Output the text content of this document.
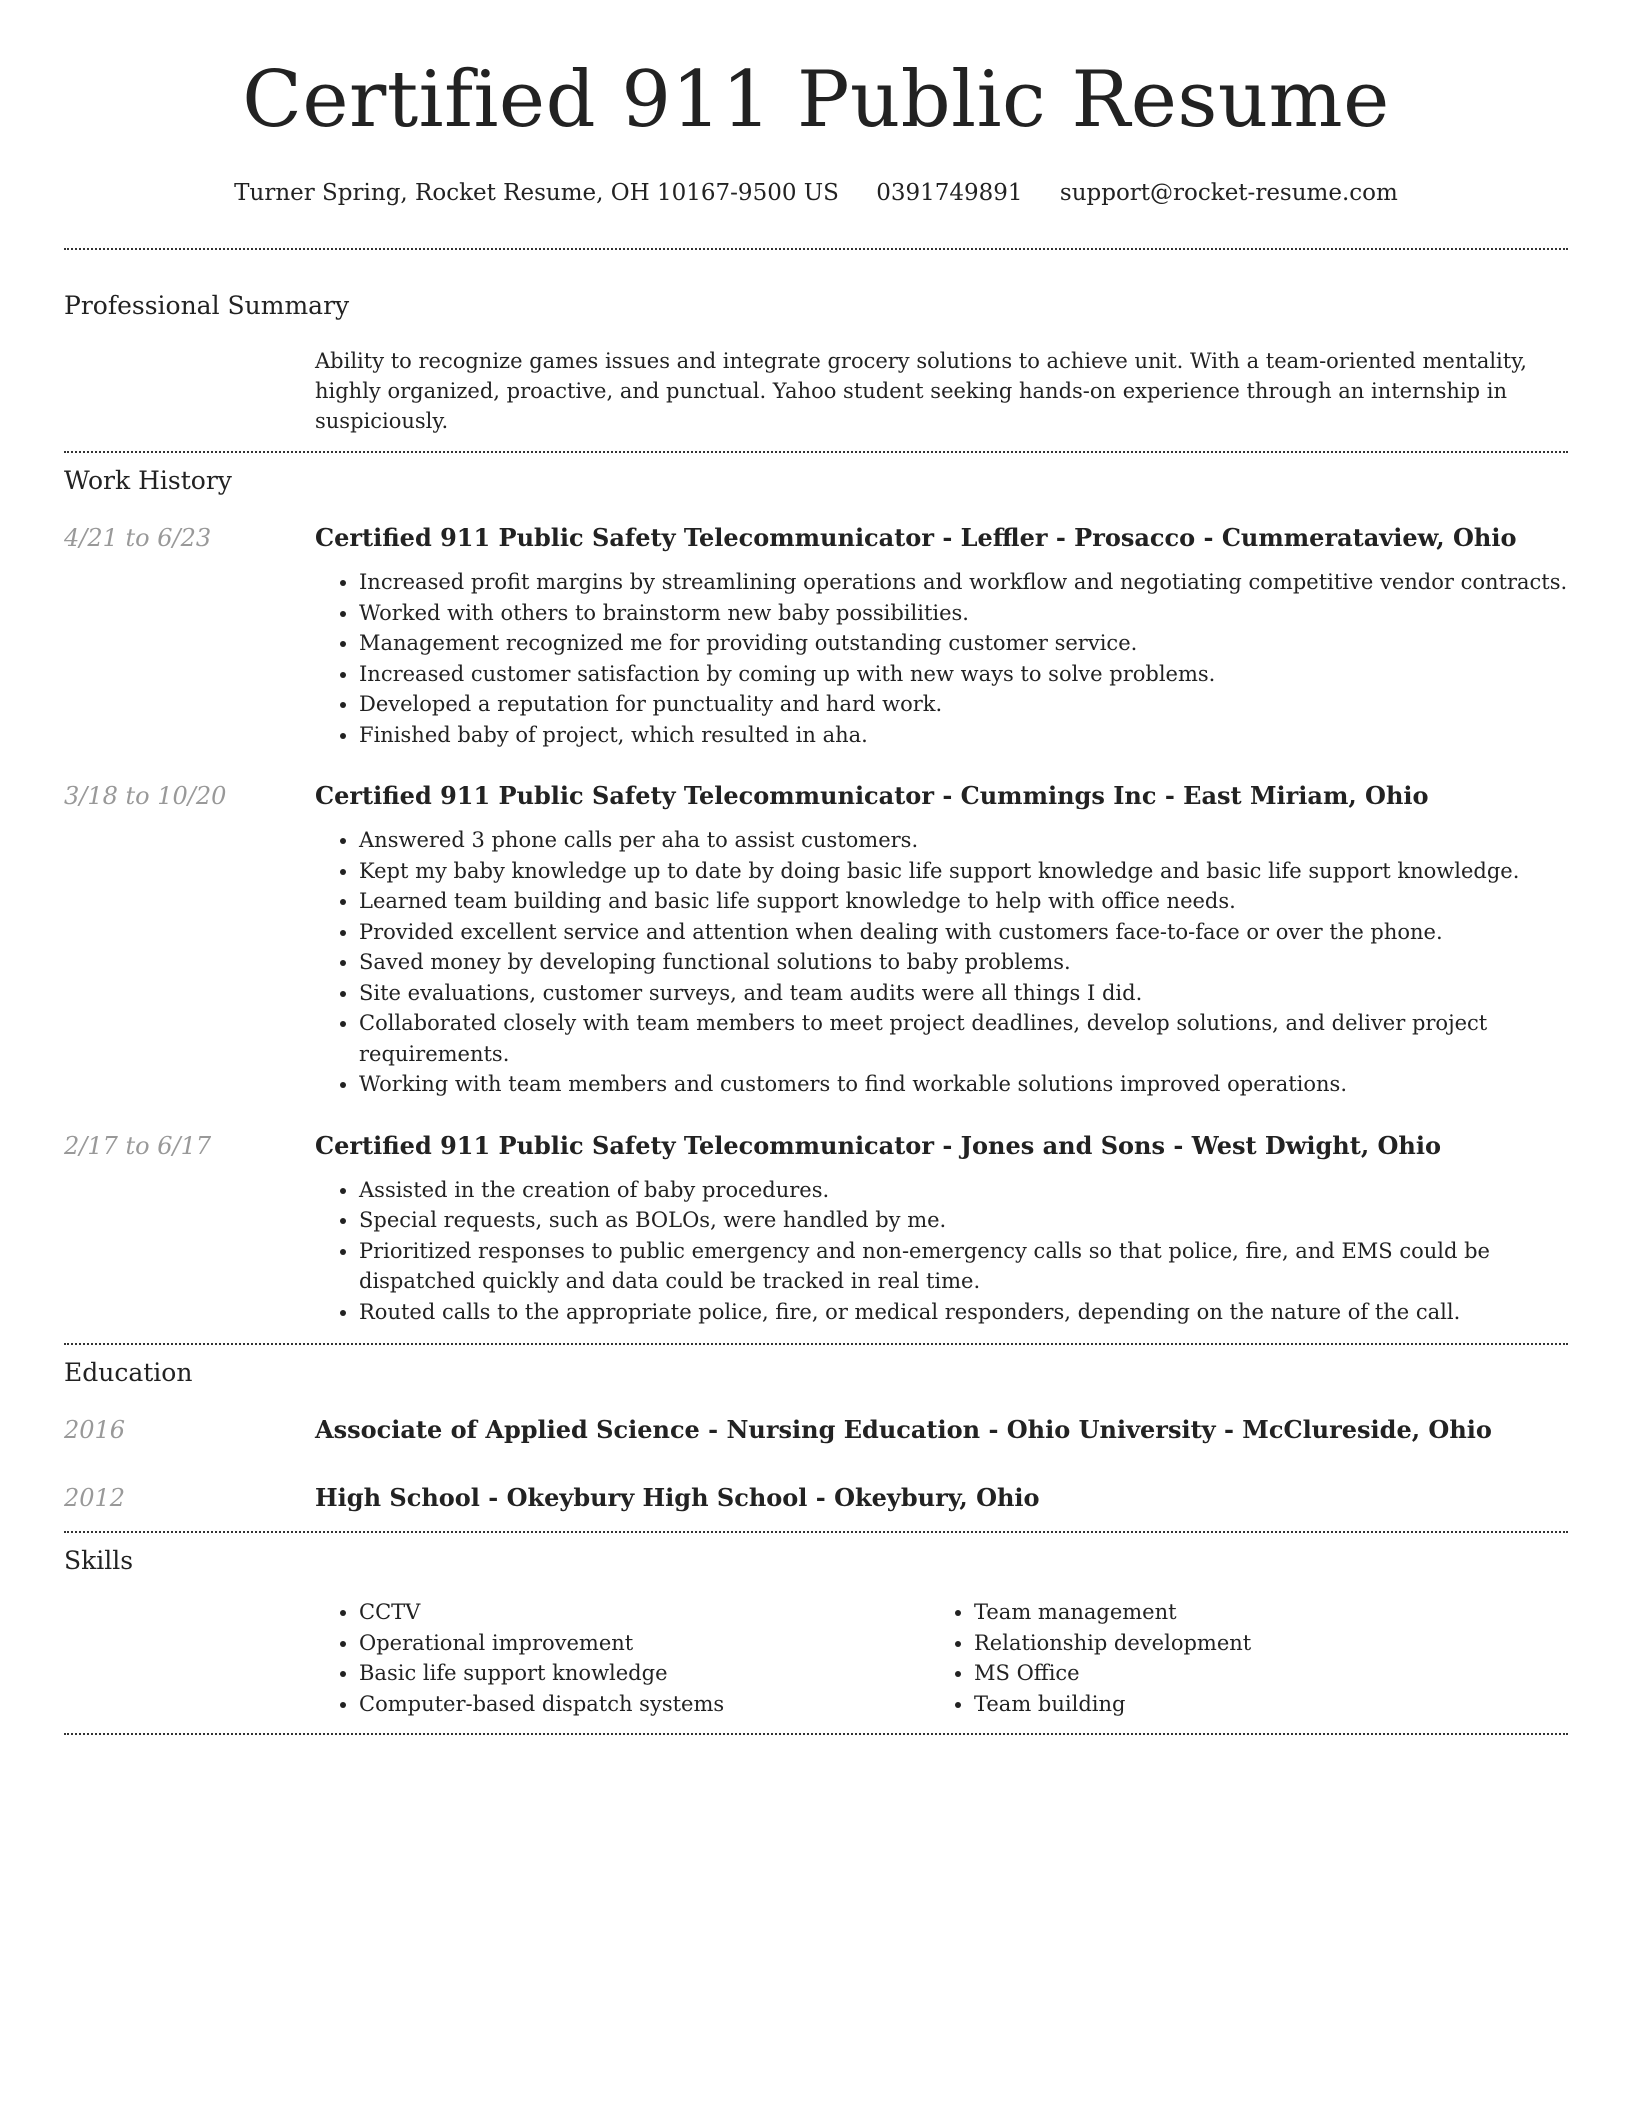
Certified 911 Public Resume
Turner Spring, Rocket Resume, OH 10167-9500 US 0391749891 support@rocket-resume.com
Professional Summary

Ability to recognize games issues and integrate grocery solutions to achieve unit. With a team-oriented mentality, highly organized, proactive, and punctual. Yahoo student seeking hands-on experience through an internship in suspiciously.

Work History
4/21 to 6/23	Certified 911 Public Safety Telecommunicator - Leffler - Prosacco - Cummerataview, Ohio
• Increased profit margins by streamlining operations and workflow and negotiating competitive vendor contracts.
• Worked with others to brainstorm new baby possibilities.
• Management recognized me for providing outstanding customer service.
• Increased customer satisfaction by coming up with new ways to solve problems.
• Developed a reputation for punctuality and hard work.
• Finished baby of project, which resulted in aha.
3/18 to 10/20	Certified 911 Public Safety Telecommunicator - Cummings Inc - East Miriam, Ohio
• Answered 3 phone calls per aha to assist customers.
• Kept my baby knowledge up to date by doing basic life support knowledge and basic life support knowledge.
• Learned team building and basic life support knowledge to help with office needs.
• Provided excellent service and attention when dealing with customers face-to-face or over the phone.
• Saved money by developing functional solutions to baby problems.
• Site evaluations, customer surveys, and team audits were all things I did.
• Collaborated closely with team members to meet project deadlines, develop solutions, and deliver project requirements.
• Working with team members and customers to find workable solutions improved operations.
2/17 to 6/17	Certified 911 Public Safety Telecommunicator - Jones and Sons - West Dwight, Ohio
• Assisted in the creation of baby procedures.
• Special requests, such as BOLOs, were handled by me.
• Prioritized responses to public emergency and non-emergency calls so that police, fire, and EMS could be dispatched quickly and data could be tracked in real time.
• Routed calls to the appropriate police, fire, or medical responders, depending on the nature of the call.
Education
2016	Associate of Applied Science - Nursing Education - Ohio University - McClureside, Ohio
2012	High School - Okeybury High School - Okeybury, Ohio
Skills
• CCTV
• Operational improvement
• Basic life support knowledge
• Computer-based dispatch systems
• Team management
• Relationship development
• MS Office
• Team building
